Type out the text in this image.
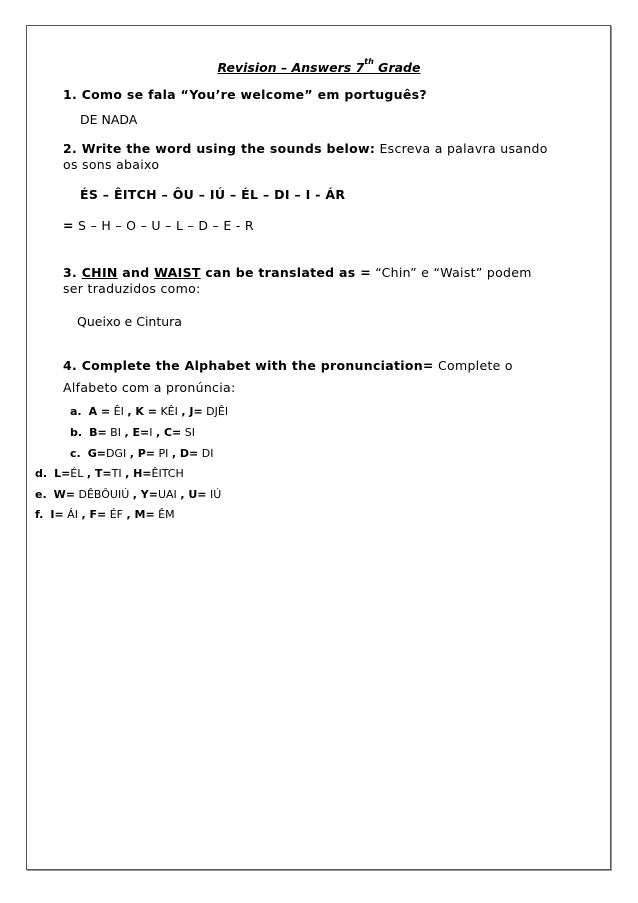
Revision – Answers 7th Grade
1. Como se fala “You’re welcome” em português?
DE NADA
2. Write the word using the sounds below: Escreva a palavra usando
os sons abaixo
ÉS – ÊITCH – ÔU – IÚ – ÉL – DI – I - ÁR
= S – H – O – U – L – D – E - R
3. CHIN and WAIST can be translated as = “Chin” e “Waist” podem
ser traduzidos como:
Queixo e Cintura
4. Complete the Alphabet with the pronunciation= Complete o
Alfabeto com a pronúncia:
a. A = ÊI , K = KÊI , J= DJÊI
b. B= BI , E=I , C= SI
c. G=DGI , P= PI , D= DI
d. L=ÉL , T=TI , H=ÊITCH
e. W= DÊBÔUIÚ , Y=UAI , U= IÚ
f. I= ÁI , F= ÉF , M= ÊM
